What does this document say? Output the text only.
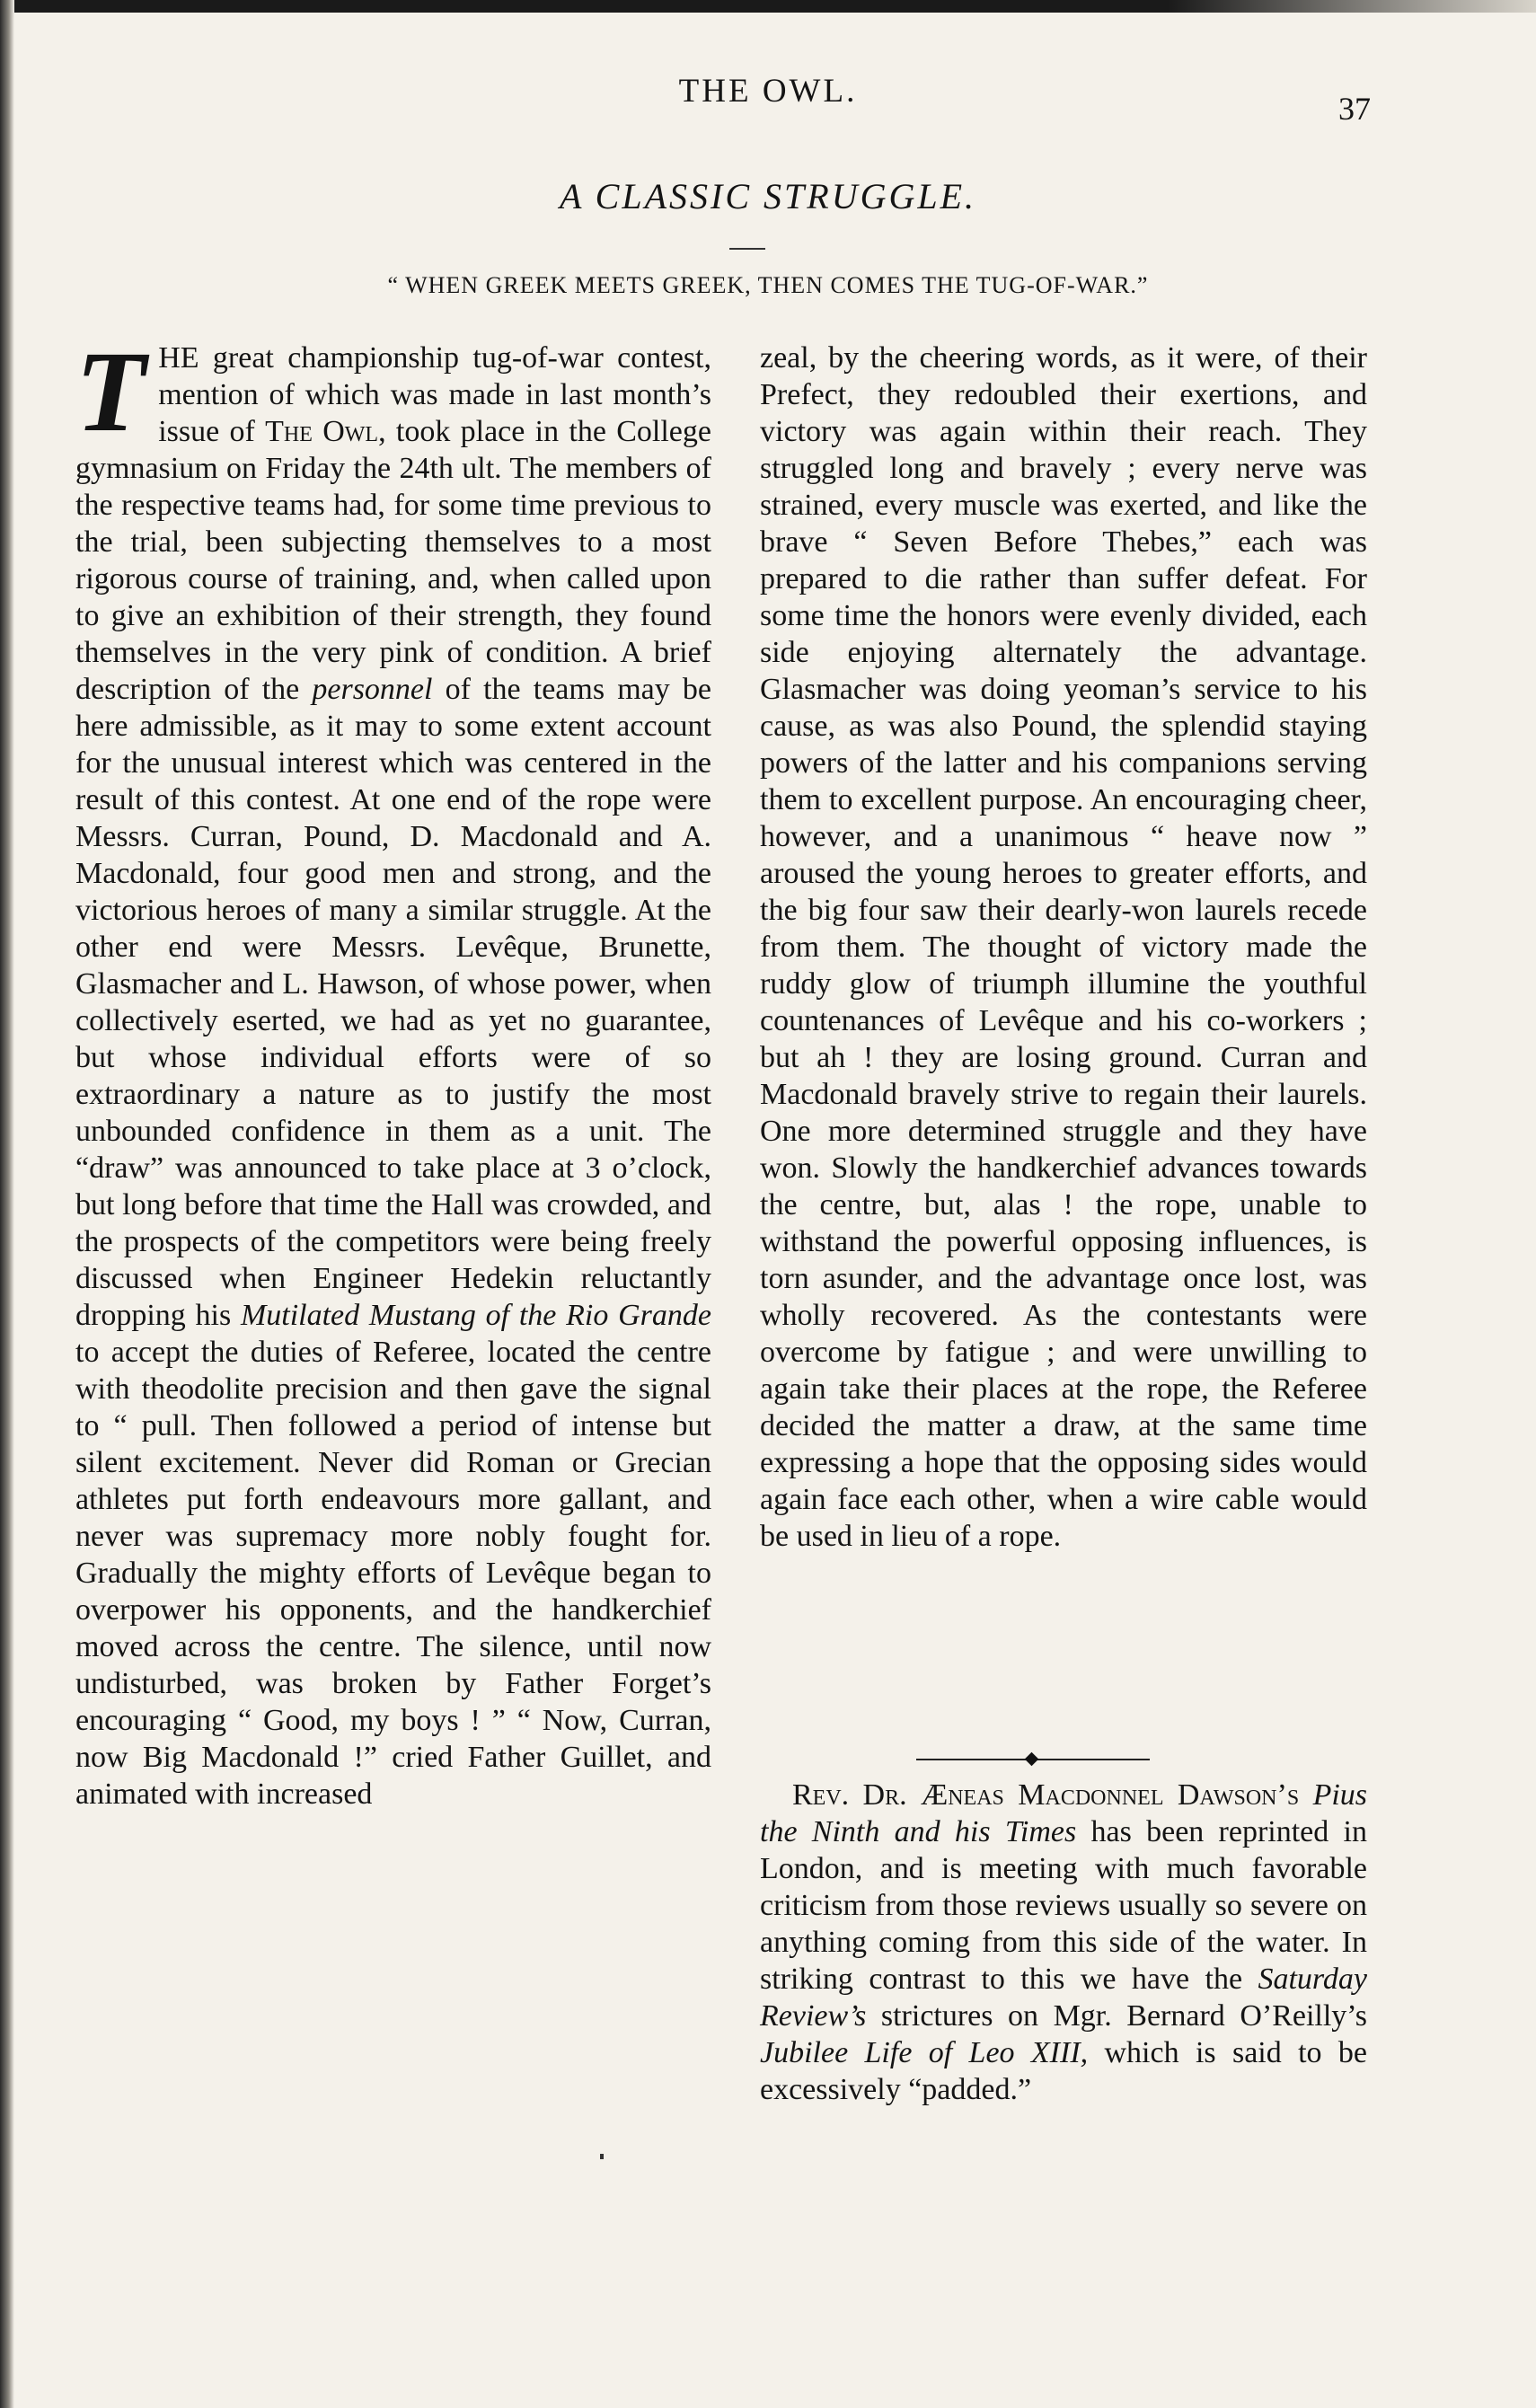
THE OWL.	37
A CLASSIC STRUGGLE.
“ WHEN GREEK MEETS GREEK, THEN COMES THE TUG-OF-WAR.”

THE great championship tug-of-war contest, mention of which was made in last month’s issue of The Owl, took place in the College gymnasium on Friday the 24th ult. The members of the respective teams had, for some time previous to the trial, been subjecting themselves to a most rigorous course of training, and, when called upon to give an exhibition of their strength, they found themselves in the very pink of condition. A brief description of the personnel of the teams may be here admissible, as it may to some extent account for the unusual interest which was centered in the result of this contest. At one end of the rope were Messrs. Curran, Pound, D. Macdonald and A. Macdonald, four good men and strong, and the victorious heroes of many a similar struggle. At the other end were Messrs. Levêque, Brunette, Glasmacher and L. Hawson, of whose power, when collectively eserted, we had as yet no guarantee, but whose individual efforts were of so extraordinary a nature as to justify the most unbounded confidence in them as a unit. The “draw” was announced to take place at 3 o’clock, but long before that time the Hall was crowded, and the prospects of the competitors were being freely discussed when Engineer Hedekin reluctantly dropping his Mutilated Mustang of the Rio Grande to accept the duties of Referee, located the centre with theodolite precision and then gave the signal to “ pull. Then followed a period of intense but silent excitement. Never did Roman or Grecian athletes put forth endeavours more gallant, and never was supremacy more nobly fought for. Gradually the mighty efforts of Levêque began to overpower his opponents, and the handkerchief moved across the centre. The silence, until now undisturbed, was broken by Father Forget’s encouraging “ Good, my boys ! ” “ Now, Curran, now Big Macdonald !” cried Father Guillet, and animated with increased

zeal, by the cheering words, as it were, of their Prefect, they redoubled their exertions, and victory was again within their reach. They struggled long and bravely ; every nerve was strained, every muscle was exerted, and like the brave “ Seven Before Thebes,” each was prepared to die rather than suffer defeat. For some time the honors were evenly divided, each side enjoying alternately the advantage. Glasmacher was doing yeoman’s service to his cause, as was also Pound, the splendid staying powers of the latter and his companions serving them to excellent purpose. An encouraging cheer, however, and a unanimous “ heave now ” aroused the young heroes to greater efforts, and the big four saw their dearly-won laurels recede from them. The thought of victory made the ruddy glow of triumph illumine the youthful countenances of Levêque and his co-workers ; but ah ! they are losing ground. Curran and Macdonald bravely strive to regain their laurels. One more determined struggle and they have won. Slowly the handkerchief advances towards the centre, but, alas ! the rope, unable to withstand the powerful opposing influences, is torn asunder, and the advantage once lost, was wholly recovered. As the contestants were overcome by fatigue ; and were unwilling to again take their places at the rope, the Referee decided the matter a draw, at the same time expressing a hope that the opposing sides would again face each other, when a wire cable would be used in lieu of a rope.

Rev. Dr. Æneas Macdonnel Dawson’s Pius the Ninth and his Times has been reprinted in London, and is meeting with much favorable criticism from those reviews usually so severe on anything coming from this side of the water. In striking contrast to this we have the Saturday Review’s strictures on Mgr. Bernard O’Reilly’s Jubilee Life of Leo XIII, which is said to be excessively “padded.”
